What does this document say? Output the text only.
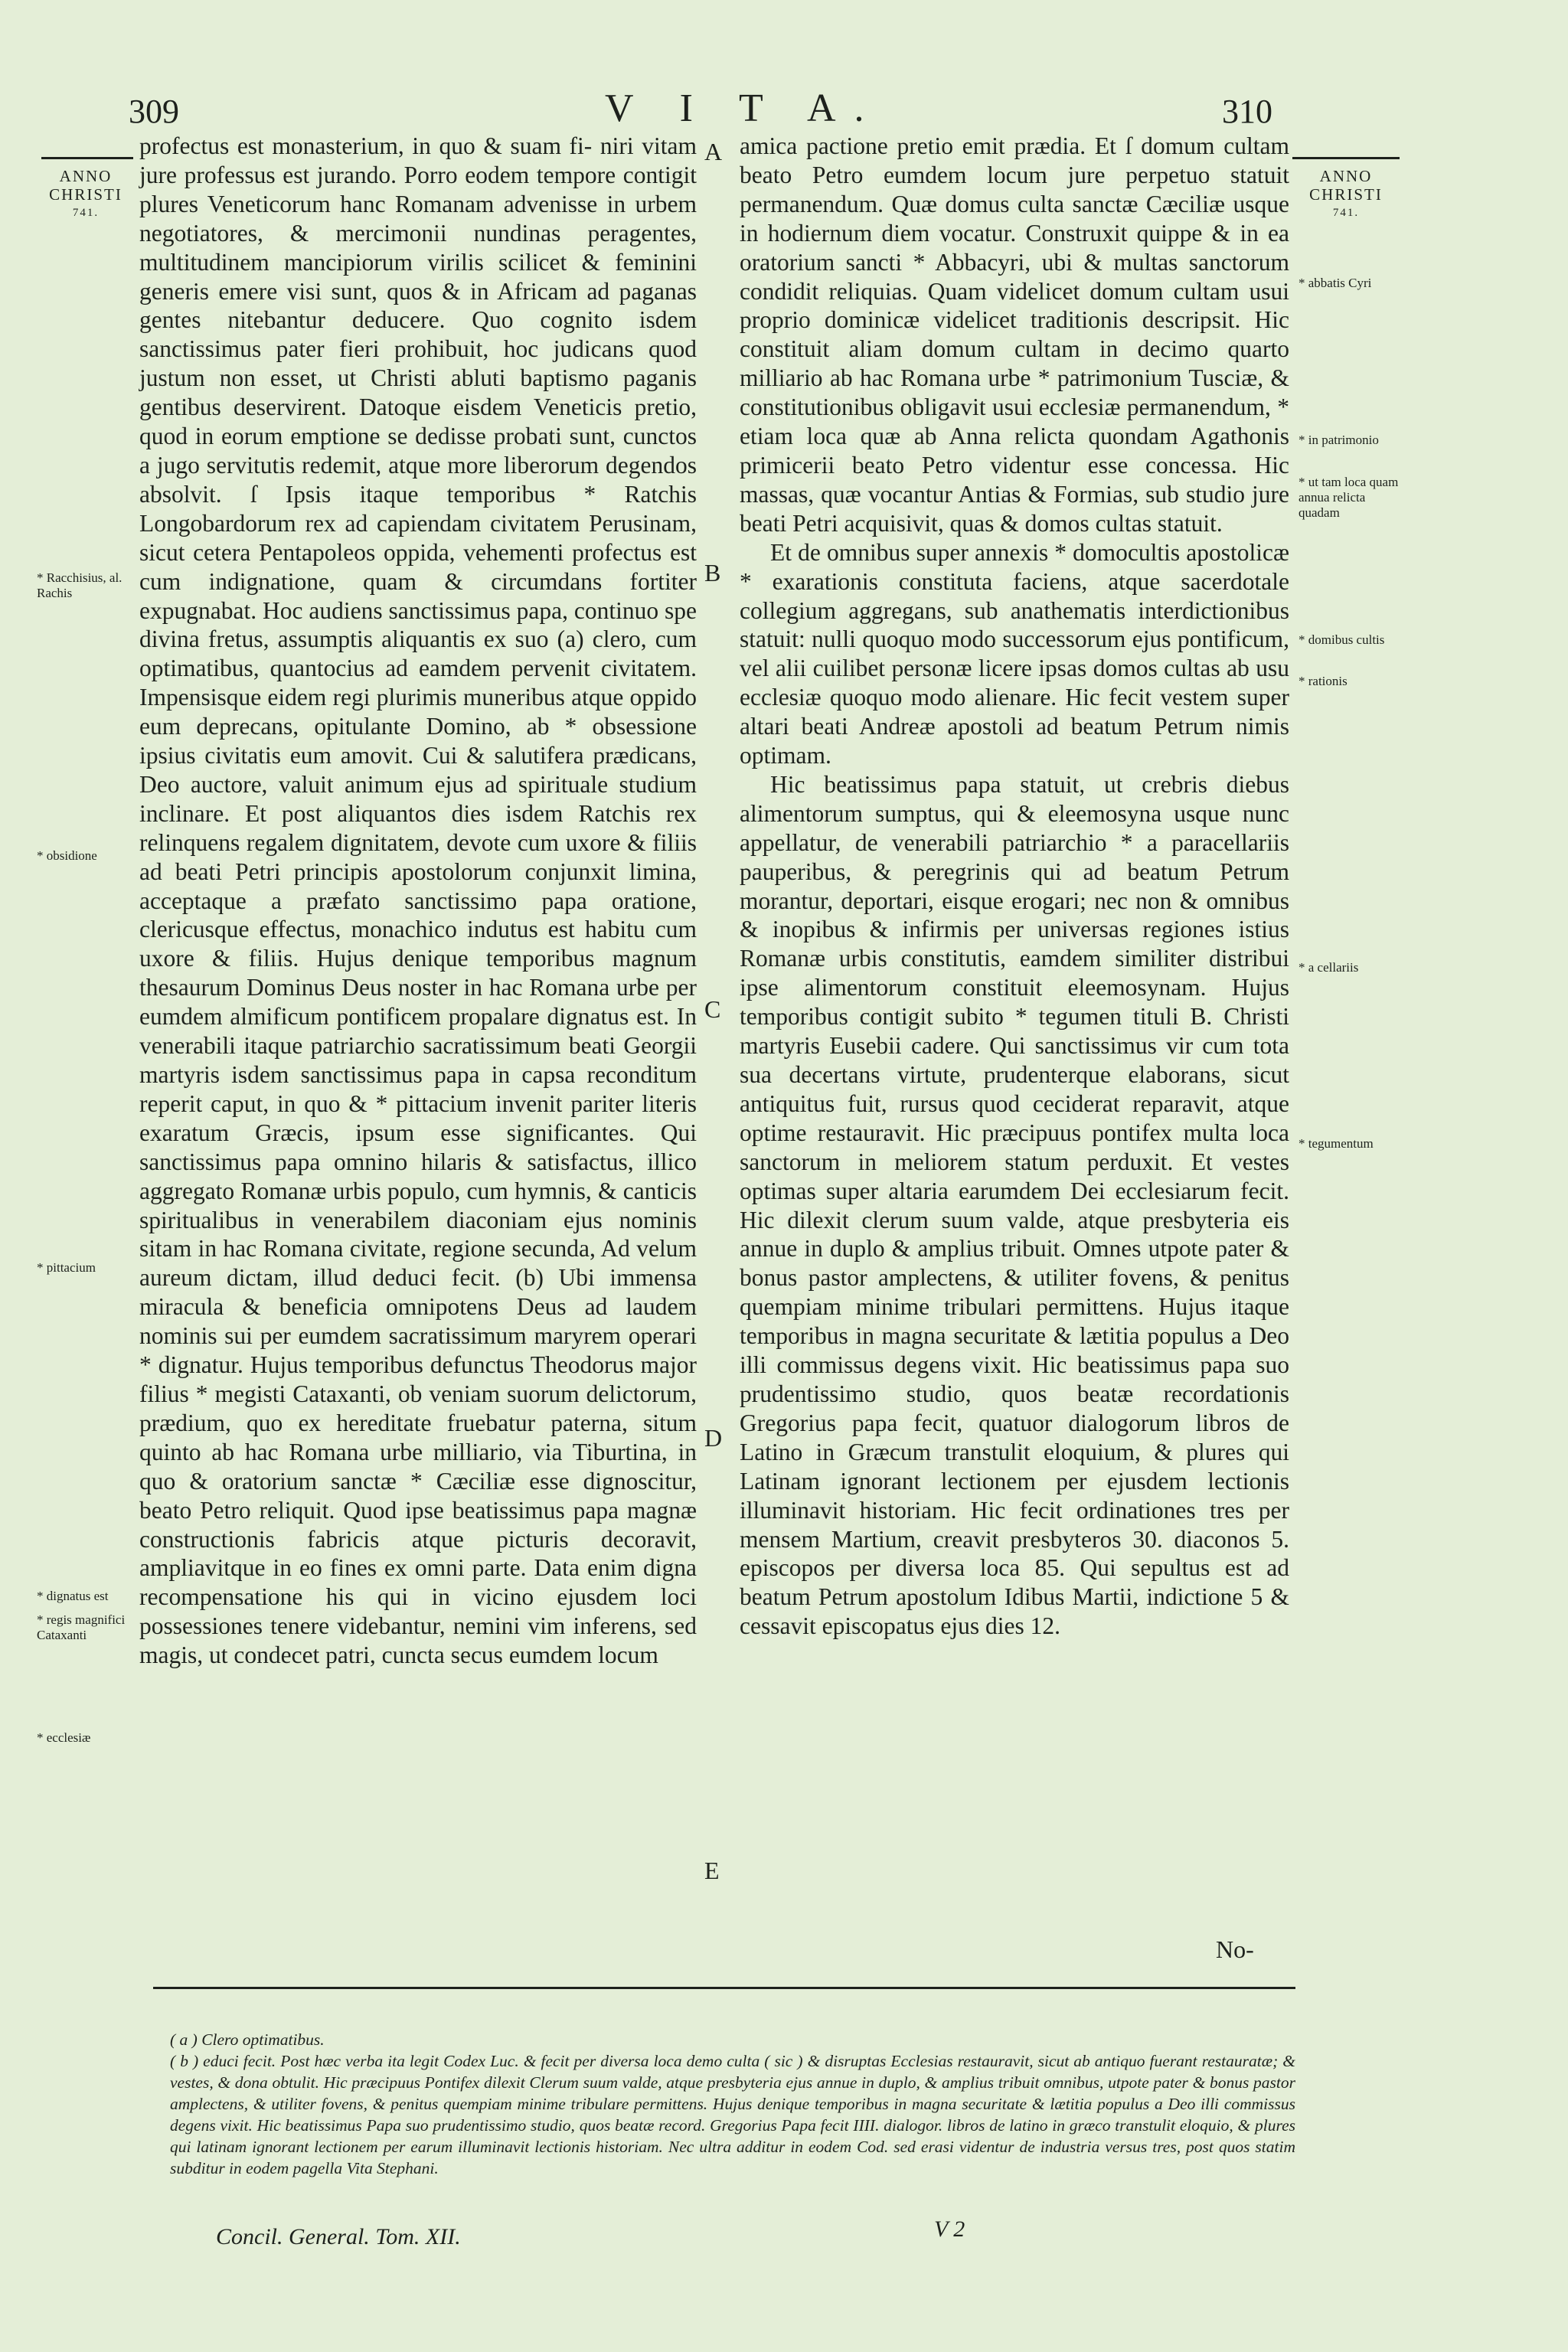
309	V I T A.	310
ANNO
CHRISTI
741.
ANNO
CHRISTI
741.
* Racchisius, al. Rachis
* obsidione
* pittacium
* dignatus est
* regis magnifici Cataxanti
* ecclesiæ
* abbatis Cyri
* in patrimonio
* ut tam loca quam annua relicta quadam
* domibus cultis
* rationis
* a cellariis
* tegumentum
A
B
C
D
E

profectus est monasterium, in quo & suam fi- niri vitam jure professus est jurando. Porro eodem tempore contigit plures Veneticorum hanc Romanam advenisse in urbem negotiatores, & mercimonii nundinas peragentes, multitudinem mancipiorum virilis scilicet & feminini generis emere visi sunt, quos & in Africam ad paganas gentes nitebantur deducere. Quo cognito isdem sanctissimus pater fieri prohibuit, hoc judicans quod justum non esset, ut Christi abluti baptismo paganis gentibus deservirent. Datoque eisdem Veneticis pretio, quod in eorum emptione se dedisse probati sunt, cunctos a jugo servitutis redemit, atque more liberorum degendos absolvit. ſ Ipsis itaque temporibus * Ratchis Longobardorum rex ad capiendam civitatem Perusinam, sicut cetera Pentapoleos oppida, vehementi profectus est cum indignatione, quam & circumdans fortiter expugnabat. Hoc audiens sanctissimus papa, continuo spe divina fretus, assumptis aliquantis ex suo (a) clero, cum optimatibus, quantocius ad eamdem pervenit civitatem. Impensisque eidem regi plurimis muneribus atque oppido eum deprecans, opitulante Domino, ab * obsessione ipsius civitatis eum amovit. Cui & salutifera prædicans, Deo auctore, valuit animum ejus ad spirituale studium inclinare. Et post aliquantos dies isdem Ratchis rex relinquens regalem dignitatem, devote cum uxore & filiis ad beati Petri principis apostolorum conjunxit limina, acceptaque a præfato sanctissimo papa oratione, clericusque effectus, monachico indutus est habitu cum uxore & filiis. Hujus denique temporibus magnum thesaurum Dominus Deus noster in hac Romana urbe per eumdem almificum pontificem propalare dignatus est. In venerabili itaque patriarchio sacratissimum beati Georgii martyris isdem sanctissimus papa in capsa reconditum reperit caput, in quo & * pittacium invenit pariter literis exaratum Græcis, ipsum esse significantes. Qui sanctissimus papa omnino hilaris & satisfactus, illico aggregato Romanæ urbis populo, cum hymnis, & canticis spiritualibus in venerabilem diaconiam ejus nominis sitam in hac Romana civitate, regione secunda, Ad velum aureum dictam, illud deduci fecit. (b) Ubi immensa miracula & beneficia omnipotens Deus ad laudem nominis sui per eumdem sacratissimum maryrem operari * dignatur. Hujus temporibus defunctus Theodorus major filius * megisti Cataxanti, ob veniam suorum delictorum, prædium, quo ex hereditate fruebatur paterna, situm quinto ab hac Romana urbe milliario, via Tiburtina, in quo & oratorium sanctæ * Cæciliæ esse dignoscitur, beato Petro reliquit. Quod ipse beatissimus papa magnæ constructionis fabricis atque picturis decoravit, ampliavitque in eo fines ex omni parte. Data enim digna recompensatione his qui in vicino ejusdem loci possessiones tenere videbantur, nemini vim inferens, sed magis, ut condecet patri, cuncta secus eumdem locum

amica pactione pretio emit prædia. Et ſ domum cultam beato Petro eumdem locum jure perpetuo statuit permanendum. Quæ domus culta sanctæ Cæciliæ usque in hodiernum diem vocatur. Construxit quippe & in ea oratorium sancti * Abbacyri, ubi & multas sanctorum condidit reliquias. Quam videlicet domum cultam usui proprio dominicæ videlicet traditionis descripsit. Hic constituit aliam domum cultam in decimo quarto milliario ab hac Romana urbe * patrimonium Tusciæ, & constitutionibus obligavit usui ecclesiæ permanendum, * etiam loca quæ ab Anna relicta quondam Agathonis primicerii beato Petro videntur esse concessa. Hic massas, quæ vocantur Antias & Formias, sub studio jure beati Petri acquisivit, quas & domos cultas statuit.

Et de omnibus super annexis * domocultis apostolicæ * exarationis constituta faciens, atque sacerdotale collegium aggregans, sub anathematis interdictionibus statuit: nulli quoquo modo successorum ejus pontificum, vel alii cuilibet personæ licere ipsas domos cultas ab usu ecclesiæ quoquo modo alienare. Hic fecit vestem super altari beati Andreæ apostoli ad beatum Petrum nimis optimam.

Hic beatissimus papa statuit, ut crebris diebus alimentorum sumptus, qui & eleemosyna usque nunc appellatur, de venerabili patriarchio * a paracellariis pauperibus, & peregrinis qui ad beatum Petrum morantur, deportari, eisque erogari; nec non & omnibus & inopibus & infirmis per universas regiones istius Romanæ urbis constitutis, eamdem similiter distribui ipse alimentorum constituit eleemosynam. Hujus temporibus contigit subito * tegumen tituli B. Christi martyris Eusebii cadere. Qui sanctissimus vir cum tota sua decertans virtute, prudenterque elaborans, sicut antiquitus fuit, rursus quod ceciderat reparavit, atque optime restauravit. Hic præcipuus pontifex multa loca sanctorum in meliorem statum perduxit. Et vestes optimas super altaria earumdem Dei ecclesiarum fecit. Hic dilexit clerum suum valde, atque presbyteria eis annue in duplo & amplius tribuit. Omnes utpote pater & bonus pastor amplectens, & utiliter fovens, & penitus quempiam minime tribulari permittens. Hujus itaque temporibus in magna securitate & lætitia populus a Deo illi commissus degens vixit. Hic beatissimus papa suo prudentissimo studio, quos beatæ recordationis Gregorius papa fecit, quatuor dialogorum libros de Latino in Græcum transtulit eloquium, & plures qui Latinam ignorant lectionem per ejusdem lectionis illuminavit historiam. Hic fecit ordinationes tres per mensem Martium, creavit presbyteros 30. diaconos 5. episcopos per diversa loca 85. Qui sepultus est ad beatum Petrum apostolum Idibus Martii, indictione 5 & cessavit episcopatus ejus dies 12.

No-

( a ) Clero optimatibus.

( b ) educi fecit. Post hæc verba ita legit Codex Luc. & fecit per diversa loca demo culta ( sic ) & disruptas Ecclesias restauravit, sicut ab antiquo fuerant restauratæ; & vestes, & dona obtulit. Hic præcipuus Pontifex dilexit Clerum suum valde, atque presbyteria ejus annue in duplo, & amplius tribuit omnibus, utpote pater & bonus pastor amplectens, & utiliter fovens, & penitus quempiam minime tribulare permittens. Hujus denique temporibus in magna securitate & lætitia populus a Deo illi commissus degens vixit. Hic beatissimus Papa suo prudentissimo studio, quos beatæ record. Gregorius Papa fecit IIII. dialogor. libros de latino in græco transtulit eloquio, & plures qui latinam ignorant lectionem per earum illuminavit lectionis historiam. Nec ultra additur in eodem Cod. sed erasi videntur de industria versus tres, post quos statim subditur in eodem pagella Vita Stephani.

Concil. General. Tom. XII.	V 2
